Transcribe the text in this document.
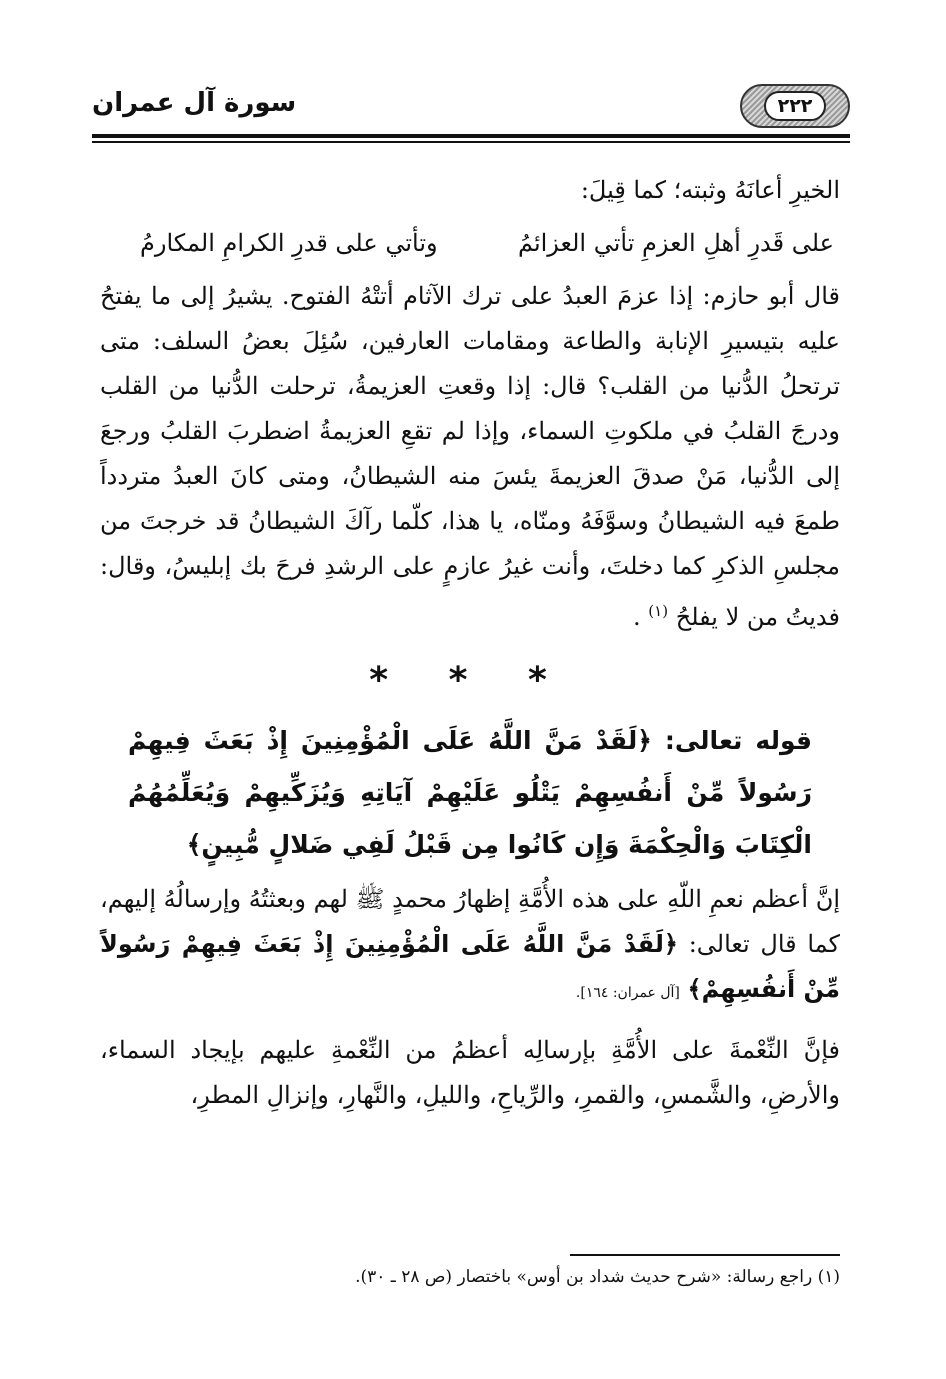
سورة آل عمران	٢٢٢

الخيرِ أعانَهُ وثبته؛ كما قِيلَ:

على قَدرِ أهلِ العزمِ تأتي العزائمُ
وتأتي على قدرِ الكرامِ المكارمُ

قال أبو حازم: إذا عزمَ العبدُ على ترك الآثام أتتْهُ الفتوح. يشيرُ إلى ما يفتحُ عليه بتيسيرِ الإنابة والطاعة ومقامات العارفين، سُئِلَ بعضُ السلف: متى ترتحلُ الدُّنيا من القلب؟ قال: إذا وقعتِ العزيمةُ، ترحلت الدُّنيا من القلب ودرجَ القلبُ في ملكوتِ السماء، وإذا لم تقعِ العزيمةُ اضطربَ القلبُ ورجعَ إلى الدُّنيا، مَنْ صدقَ العزيمةَ يئسَ منه الشيطانُ، ومتى كانَ العبدُ متردداً طمعَ فيه الشيطانُ وسوَّفَهُ ومنّاه، يا هذا، كلّما رآكَ الشيطانُ قد خرجتَ من مجلسِ الذكرِ كما دخلتَ، وأنت غيرُ عازمٍ على الرشدِ فرحَ بك إبليسُ، وقال: فديتُ من لا يفلحُ $^{(١)}$ .

* * *

قوله تعالى: ﴿لَقَدْ مَنَّ اللَّهُ عَلَى الْمُؤْمِنِينَ إِذْ بَعَثَ فِيهِمْ رَسُولاً مِّنْ أَنفُسِهِمْ يَتْلُو عَلَيْهِمْ آيَاتِهِ وَيُزَكِّيهِمْ وَيُعَلِّمُهُمُ الْكِتَابَ وَالْحِكْمَةَ وَإِن كَانُوا مِن قَبْلُ لَفِي ضَلالٍ مُّبِينٍ﴾

إنَّ أعظم نعمِ اللّهِ على هذه الأُمَّةِ إظهارُ محمدٍ ﷺ لهم وبعثتُهُ وإرسالُهُ إليهم، كما قال تعالى: ﴿لَقَدْ مَنَّ اللَّهُ عَلَى الْمُؤْمِنِينَ إِذْ بَعَثَ فِيهِمْ رَسُولاً مِّنْ أَنفُسِهِمْ﴾ [آل عمران: ١٦٤].

فإنَّ النِّعْمةَ على الأُمَّةِ بإرسالِه أعظمُ من النِّعْمةِ عليهم بإيجاد السماء، والأرضِ، والشَّمسِ، والقمرِ، والرِّياحِ، والليلِ، والنَّهارِ، وإنزالِ المطرِ،

(١) راجع رسالة: «شرح حديث شداد بن أوس» باختصار (ص ٢٨ ـ ٣٠).
